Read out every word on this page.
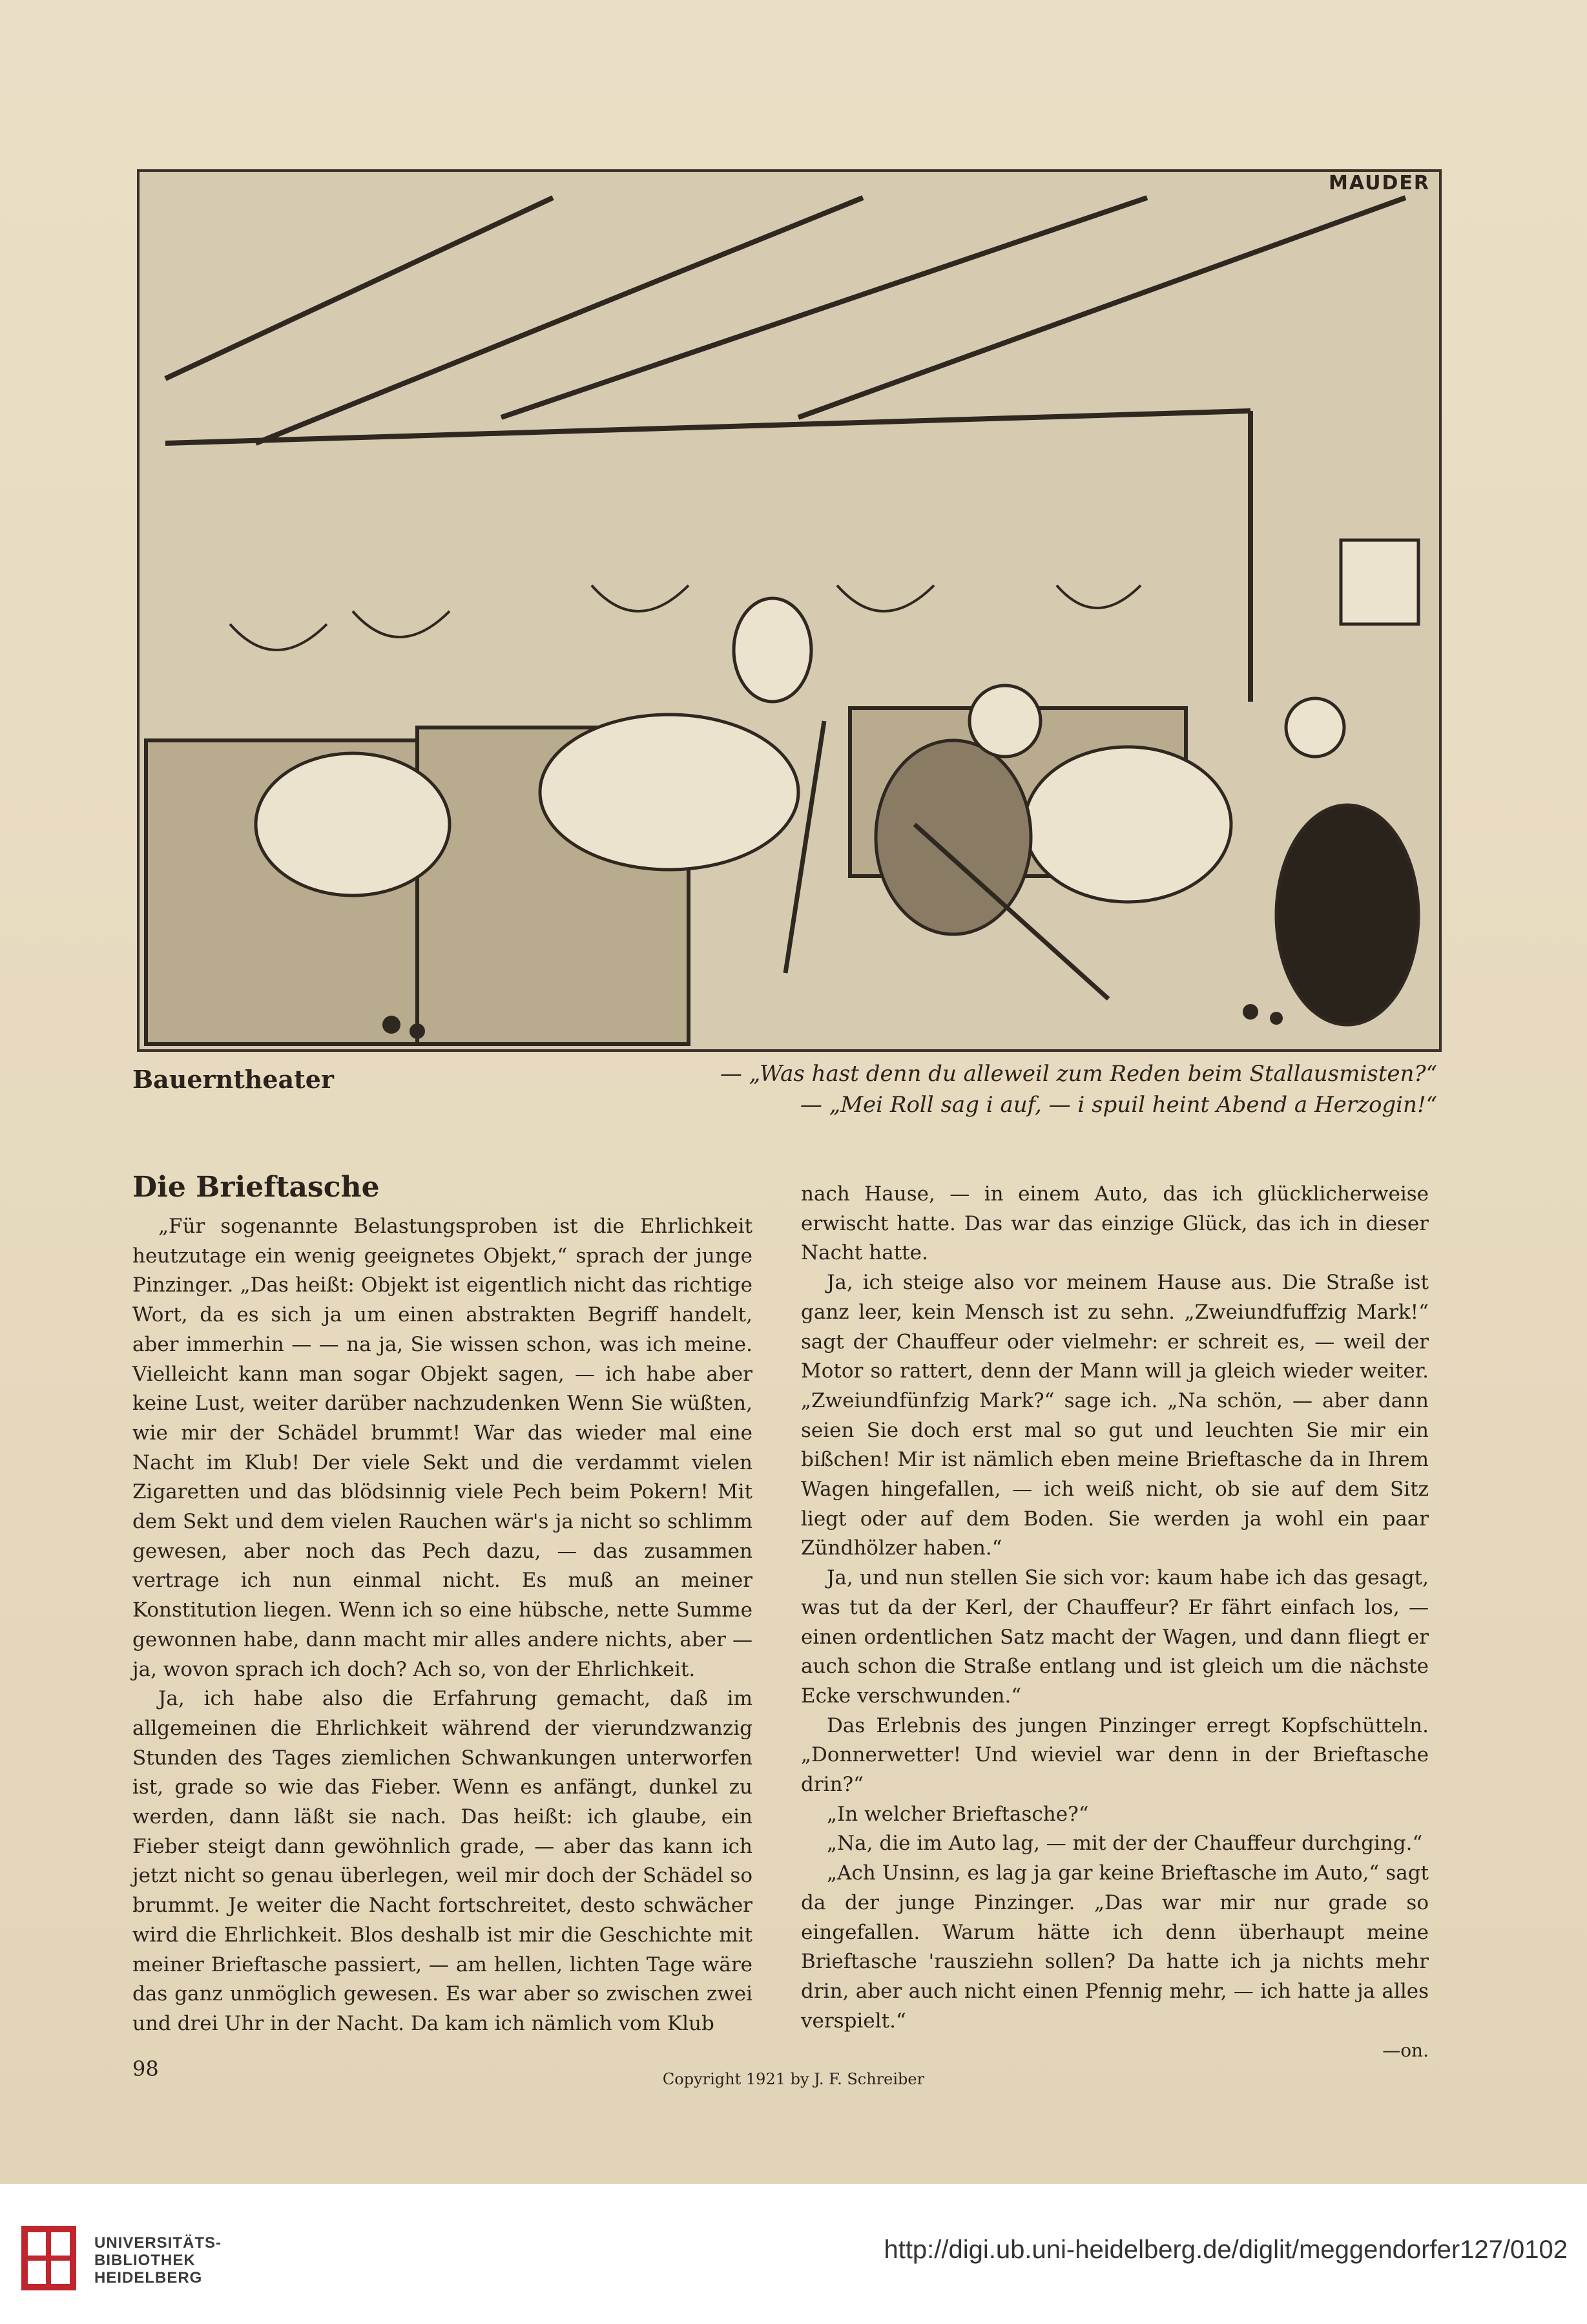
MAUDER
Bauerntheater	— „Was hast denn du alleweil zum Reden beim Stallausmisten?“
— „Mei Roll sag i auf, — i spuil heint Abend a Herzogin!“
Die Brieftasche

„Für sogenannte Belastungsproben ist die Ehrlichkeit heutzutage ein wenig geeignetes Objekt,“ sprach der junge Pinzinger. „Das heißt: Objekt ist eigentlich nicht das richtige Wort, da es sich ja um einen abstrakten Begriff handelt, aber immerhin — — na ja, Sie wissen schon, was ich meine. Vielleicht kann man sogar Objekt sagen, — ich habe aber keine Lust, weiter darüber nachzudenken Wenn Sie wüßten, wie mir der Schädel brummt! War das wieder mal eine Nacht im Klub! Der viele Sekt und die verdammt vielen Zigaretten und das blödsinnig viele Pech beim Pokern! Mit dem Sekt und dem vielen Rauchen wär's ja nicht so schlimm gewesen, aber noch das Pech dazu, — das zusammen vertrage ich nun einmal nicht. Es muß an meiner Konstitution liegen. Wenn ich so eine hübsche, nette Summe gewonnen habe, dann macht mir alles andere nichts, aber — ja, wovon sprach ich doch? Ach so, von der Ehrlichkeit.

Ja, ich habe also die Erfahrung gemacht, daß im allgemeinen die Ehrlichkeit während der vierundzwanzig Stunden des Tages ziemlichen Schwankungen unterworfen ist, grade so wie das Fieber. Wenn es anfängt, dunkel zu werden, dann läßt sie nach. Das heißt: ich glaube, ein Fieber steigt dann gewöhnlich grade, — aber das kann ich jetzt nicht so genau überlegen, weil mir doch der Schädel so brummt. Je weiter die Nacht fortschreitet, desto schwächer wird die Ehrlichkeit. Blos deshalb ist mir die Geschichte mit meiner Brieftasche passiert, — am hellen, lichten Tage wäre das ganz unmöglich gewesen. Es war aber so zwischen zwei und drei Uhr in der Nacht. Da kam ich nämlich vom Klub

nach Hause, — in einem Auto, das ich glücklicherweise erwischt hatte. Das war das einzige Glück, das ich in dieser Nacht hatte.

Ja, ich steige also vor meinem Hause aus. Die Straße ist ganz leer, kein Mensch ist zu sehn. „Zweiundfuffzig Mark!“ sagt der Chauffeur oder vielmehr: er schreit es, — weil der Motor so rattert, denn der Mann will ja gleich wieder weiter. „Zweiundfünfzig Mark?“ sage ich. „Na schön, — aber dann seien Sie doch erst mal so gut und leuchten Sie mir ein bißchen! Mir ist nämlich eben meine Brieftasche da in Ihrem Wagen hingefallen, — ich weiß nicht, ob sie auf dem Sitz liegt oder auf dem Boden. Sie werden ja wohl ein paar Zündhölzer haben.“

Ja, und nun stellen Sie sich vor: kaum habe ich das gesagt, was tut da der Kerl, der Chauffeur? Er fährt einfach los, — einen ordentlichen Satz macht der Wagen, und dann fliegt er auch schon die Straße entlang und ist gleich um die nächste Ecke verschwunden.“

Das Erlebnis des jungen Pinzinger erregt Kopfschütteln. „Donnerwetter! Und wieviel war denn in der Brieftasche drin?“

„In welcher Brieftasche?“

„Na, die im Auto lag, — mit der der Chauffeur durchging.“

„Ach Unsinn, es lag ja gar keine Brieftasche im Auto,“ sagt da der junge Pinzinger. „Das war mir nur grade so eingefallen. Warum hätte ich denn überhaupt meine Brieftasche 'rausziehn sollen? Da hatte ich ja nichts mehr drin, aber auch nicht einen Pfennig mehr, — ich hatte ja alles verspielt.“

—on.
98	Copyright 1921 by J. F. Schreiber
UNIVERSITÄTS-
BIBLIOTHEK
HEIDELBERG
http://digi.ub.uni-heidelberg.de/diglit/meggendorfer127/0102
